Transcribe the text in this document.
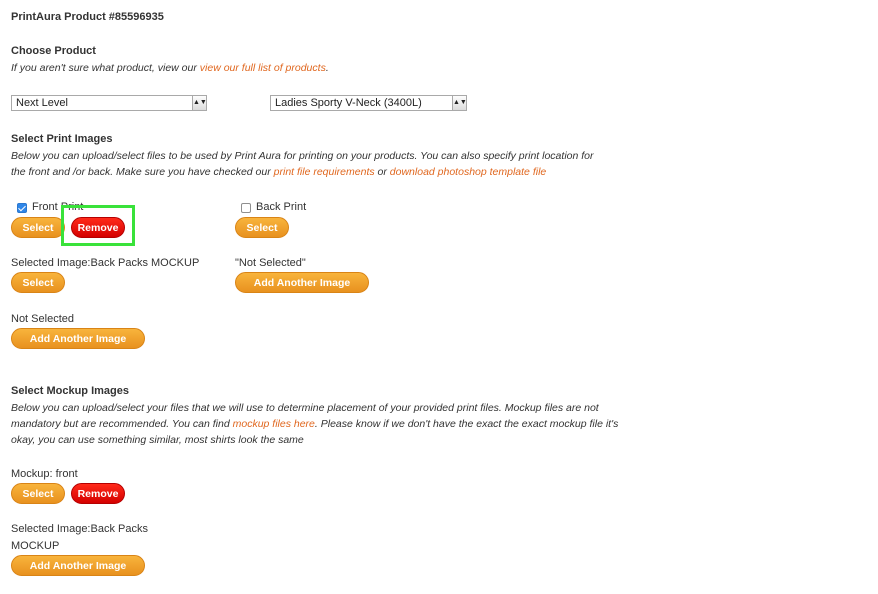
PrintAura Product #85596935
Choose Product
If you aren't sure what product, view our view our full list of products.
Next Level	▲▼	Ladies Sporty V-Neck (3400L)	▲▼
Select Print Images
Below you can upload/select files to be used by Print Aura for printing on your products. You can also specify print location for
the front and /or back. Make sure you have checked our print file requirements or download photoshop template file
Front Print
Select	Remove
Back Print
Select
Selected Image:Back Packs MOCKUP
Select
"Not Selected"
Add Another Image
Not Selected
Add Another Image
Select Mockup Images
Below you can upload/select your files that we will use to determine placement of your provided print files. Mockup files are not
mandatory but are recommended. You can find mockup files here. Please know if we don't have the exact the exact mockup file it's
okay, you can use something similar, most shirts look the same
Mockup: front
Select	Remove
Selected Image:Back Packs
MOCKUP
Add Another Image
